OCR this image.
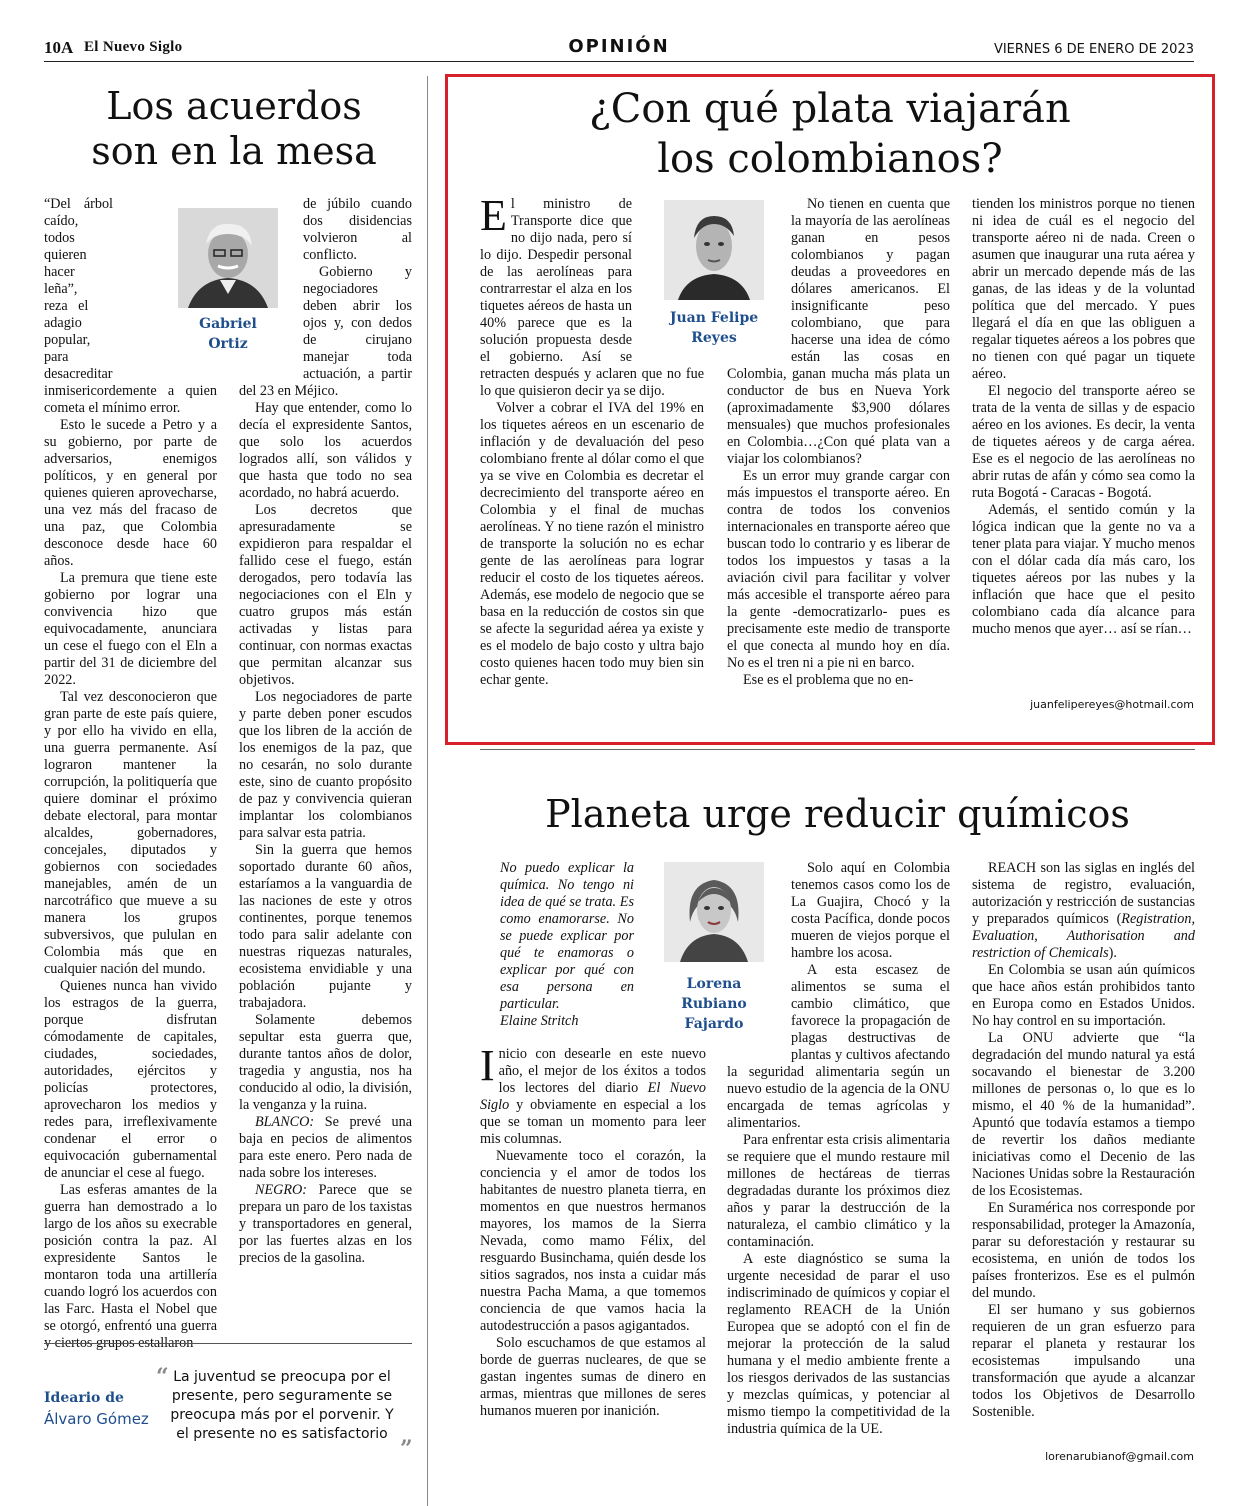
10A El Nuevo Siglo	OPINIÓN	VIERNES 6 DE ENERO DE 2023
Los acuerdos
son en la mesa
Gabriel
Ortiz

“Del árbol caído, todos quieren hacer leña”, reza el adagio popular, para desacreditar inmisericordemente a quien cometa el mínimo error.

Esto le sucede a Petro y a su gobierno, por parte de adversarios, enemigos políticos, y en general por quienes quieren aprovecharse, una vez más del fracaso de una paz, que Colombia desconoce desde hace 60 años.

La premura que tiene este gobierno por lograr una convivencia hizo que equivocadamente, anunciara un cese el fuego con el Eln a partir del 31 de diciembre del 2022.

Tal vez desconocieron que gran parte de este país quiere, y por ello ha vivido en ella, una guerra permanente. Así lograron mantener la corrupción, la politiquería que quiere dominar el próximo debate electoral, para montar alcaldes, gobernadores, concejales, diputados y gobiernos con sociedades manejables, amén de un narcotráfico que mueve a su manera los grupos subversivos, que pululan en Colombia más que en cualquier nación del mundo.

Quienes nunca han vivido los estragos de la guerra, porque disfrutan cómodamente de capitales, ciudades, sociedades, autoridades, ejércitos y policías protectores, aprovecharon los medios y redes para, irreflexivamente condenar el error o equivocación gubernamental de anunciar el cese al fuego.

Las esferas amantes de la guerra han demostrado a lo largo de los años su execrable posición contra la paz. Al expresidente Santos le montaron toda una artillería cuando logró los acuerdos con las Farc. Hasta el Nobel que se otorgó, enfrentó una guerra y ciertos grupos estallaron

de júbilo cuando dos disidencias volvieron al conflicto.

Gobierno y negociadores deben abrir los ojos y, con dedos de cirujano manejar toda actuación, a partir del 23 en Méjico.

Hay que entender, como lo decía el expresidente Santos, que solo los acuerdos logrados allí, son válidos y que hasta que todo no sea acordado, no habrá acuerdo.

Los decretos que apresuradamente se expidieron para respaldar el fallido cese el fuego, están derogados, pero todavía las negociaciones con el Eln y cuatro grupos más están activadas y listas para continuar, con normas exactas que permitan alcanzar sus objetivos.

Los negociadores de parte y parte deben poner escudos que los libren de la acción de los enemigos de la paz, que no cesarán, no solo durante este, sino de cuanto propósito de paz y convivencia quieran implantar los colombianos para salvar esta patria.

Sin la guerra que hemos soportado durante 60 años, estaríamos a la vanguardia de las naciones de este y otros continentes, porque tenemos todo para salir adelante con nuestras riquezas naturales, ecosistema envidiable y una población pujante y trabajadora.

Solamente debemos sepultar esta guerra que, durante tantos años de dolor, tragedia y angustia, nos ha conducido al odio, la división, la venganza y la ruina.

BLANCO: Se prevé una baja en pecios de alimentos para este enero. Pero nada de nada sobre los intereses.

NEGRO: Parece que se prepara un paro de los taxistas y transportadores en general, por las fuertes alzas en los precios de la gasolina.

Ideario de
Álvaro Gómez
“ La juventud se preocupa por el presente, pero seguramente se preocupa más por el porvenir. Y el presente no es satisfactorio
”
¿Con qué plata viajarán
los colombianos?
Juan Felipe
Reyes

El ministro de Transporte dice que no dijo nada, pero sí lo dijo. Despedir personal de las aerolíneas para contrarrestar el alza en los tiquetes aéreos de hasta un 40% parece que es la solución propuesta desde el gobierno. Así se retracten después y aclaren que no fue lo que quisieron decir ya se dijo.

Volver a cobrar el IVA del 19% en los tiquetes aéreos en un escenario de inflación y de devaluación del peso colombiano frente al dólar como el que ya se vive en Colombia es decretar el decrecimiento del transporte aéreo en Colombia y el final de muchas aerolíneas. Y no tiene razón el ministro de transporte la solución no es echar gente de las aerolíneas para lograr reducir el costo de los tiquetes aéreos. Además, ese modelo de negocio que se basa en la reducción de costos sin que se afecte la seguridad aérea ya existe y es el modelo de bajo costo y ultra bajo costo quienes hacen todo muy bien sin echar gente.

No tienen en cuenta que la mayoría de las aerolíneas ganan en pesos colombianos y pagan deudas a proveedores en dólares americanos. El insignificante peso colombiano, que para hacerse una idea de cómo están las cosas en Colombia, ganan mucha más plata un conductor de bus en Nueva York (aproximadamente $3,900 dólares mensuales) que muchos profesionales en Colombia…¿Con qué plata van a viajar los colombianos?

Es un error muy grande cargar con más impuestos el transporte aéreo. En contra de todos los convenios internacionales en transporte aéreo que buscan todo lo contrario y es liberar de todos los impuestos y tasas a la aviación civil para facilitar y volver más accesible el transporte aéreo para la gente -democratizarlo- pues es precisamente este medio de transporte el que conecta al mundo hoy en día. No es el tren ni a pie ni en barco.

Ese es el problema que no en-

tienden los ministros porque no tienen ni idea de cuál es el negocio del transporte aéreo ni de nada. Creen o asumen que inaugurar una ruta aérea y abrir un mercado depende más de las ganas, de las ideas y de la voluntad política que del mercado. Y pues llegará el día en que las obliguen a regalar tiquetes aéreos a los pobres que no tienen con qué pagar un tiquete aéreo.

El negocio del transporte aéreo se trata de la venta de sillas y de espacio aéreo en los aviones. Es decir, la venta de tiquetes aéreos y de carga aérea. Ese es el negocio de las aerolíneas no abrir rutas de afán y cómo sea como la ruta Bogotá - Caracas - Bogotá.

Además, el sentido común y la lógica indican que la gente no va a tener plata para viajar. Y mucho menos con el dólar cada día más caro, los tiquetes aéreos por las nubes y la inflación que hace que el pesito colombiano cada día alcance para mucho menos que ayer… así se rían…

juanfelipereyes@hotmail.com
Planeta urge reducir químicos
Lorena
Rubiano
Fajardo

No puedo explicar la química. No tengo ni idea de qué se trata. Es como enamorarse. No se puede explicar por qué te enamoras o explicar por qué con esa persona en particular.

Elaine Stritch

Inicio con desearle en este nuevo año, el mejor de los éxitos a todos los lectores del diario El Nuevo Siglo y obviamente en especial a los que se toman un momento para leer mis columnas.

Nuevamente toco el corazón, la conciencia y el amor de todos los habitantes de nuestro planeta tierra, en momentos en que nuestros hermanos mayores, los mamos de la Sierra Nevada, como mamo Félix, del resguardo Businchama, quién desde los sitios sagrados, nos insta a cuidar más nuestra Pacha Mama, a que tomemos conciencia de que vamos hacia la autodestrucción a pasos agigantados.

Solo escuchamos de que estamos al borde de guerras nucleares, de que se gastan ingentes sumas de dinero en armas, mientras que millones de seres humanos mueren por inanición.

Solo aquí en Colombia tenemos casos como los de La Guajira, Chocó y la costa Pacífica, donde pocos mueren de viejos porque el hambre los acosa.

A esta escasez de alimentos se suma el cambio climático, que favorece la propagación de plagas destructivas de plantas y cultivos afectando la seguridad alimentaria según un nuevo estudio de la agencia de la ONU encargada de temas agrícolas y alimentarios.

Para enfrentar esta crisis alimentaria se requiere que el mundo restaure mil millones de hectáreas de tierras degradadas durante los próximos diez años y parar la destrucción de la naturaleza, el cambio climático y la contaminación.

A este diagnóstico se suma la urgente necesidad de parar el uso indiscriminado de químicos y copiar el reglamento REACH de la Unión Europea que se adoptó con el fin de mejorar la protección de la salud humana y el medio ambiente frente a los riesgos derivados de las sustancias y mezclas químicas, y potenciar al mismo tiempo la competitividad de la industria química de la UE.

REACH son las siglas en inglés del sistema de registro, evaluación, autorización y restricción de sustancias y preparados químicos (Registration, Evaluation, Authorisation and restriction of Chemicals).

En Colombia se usan aún químicos que hace años están prohibidos tanto en Europa como en Estados Unidos. No hay control en su importación.

La ONU advierte que “la degradación del mundo natural ya está socavando el bienestar de 3.200 millones de personas o, lo que es lo mismo, el 40 % de la humanidad”. Apuntó que todavía estamos a tiempo de revertir los daños mediante iniciativas como el Decenio de las Naciones Unidas sobre la Restauración de los Ecosistemas.

En Suramérica nos corresponde por responsabilidad, proteger la Amazonía, parar su deforestación y restaurar su ecosistema, en unión de todos los países fronterizos. Ese es el pulmón del mundo.

El ser humano y sus gobiernos requieren de un gran esfuerzo para reparar el planeta y restaurar los ecosistemas impulsando una transformación que ayude a alcanzar todos los Objetivos de Desarrollo Sostenible.

lorenarubianof@gmail.com
